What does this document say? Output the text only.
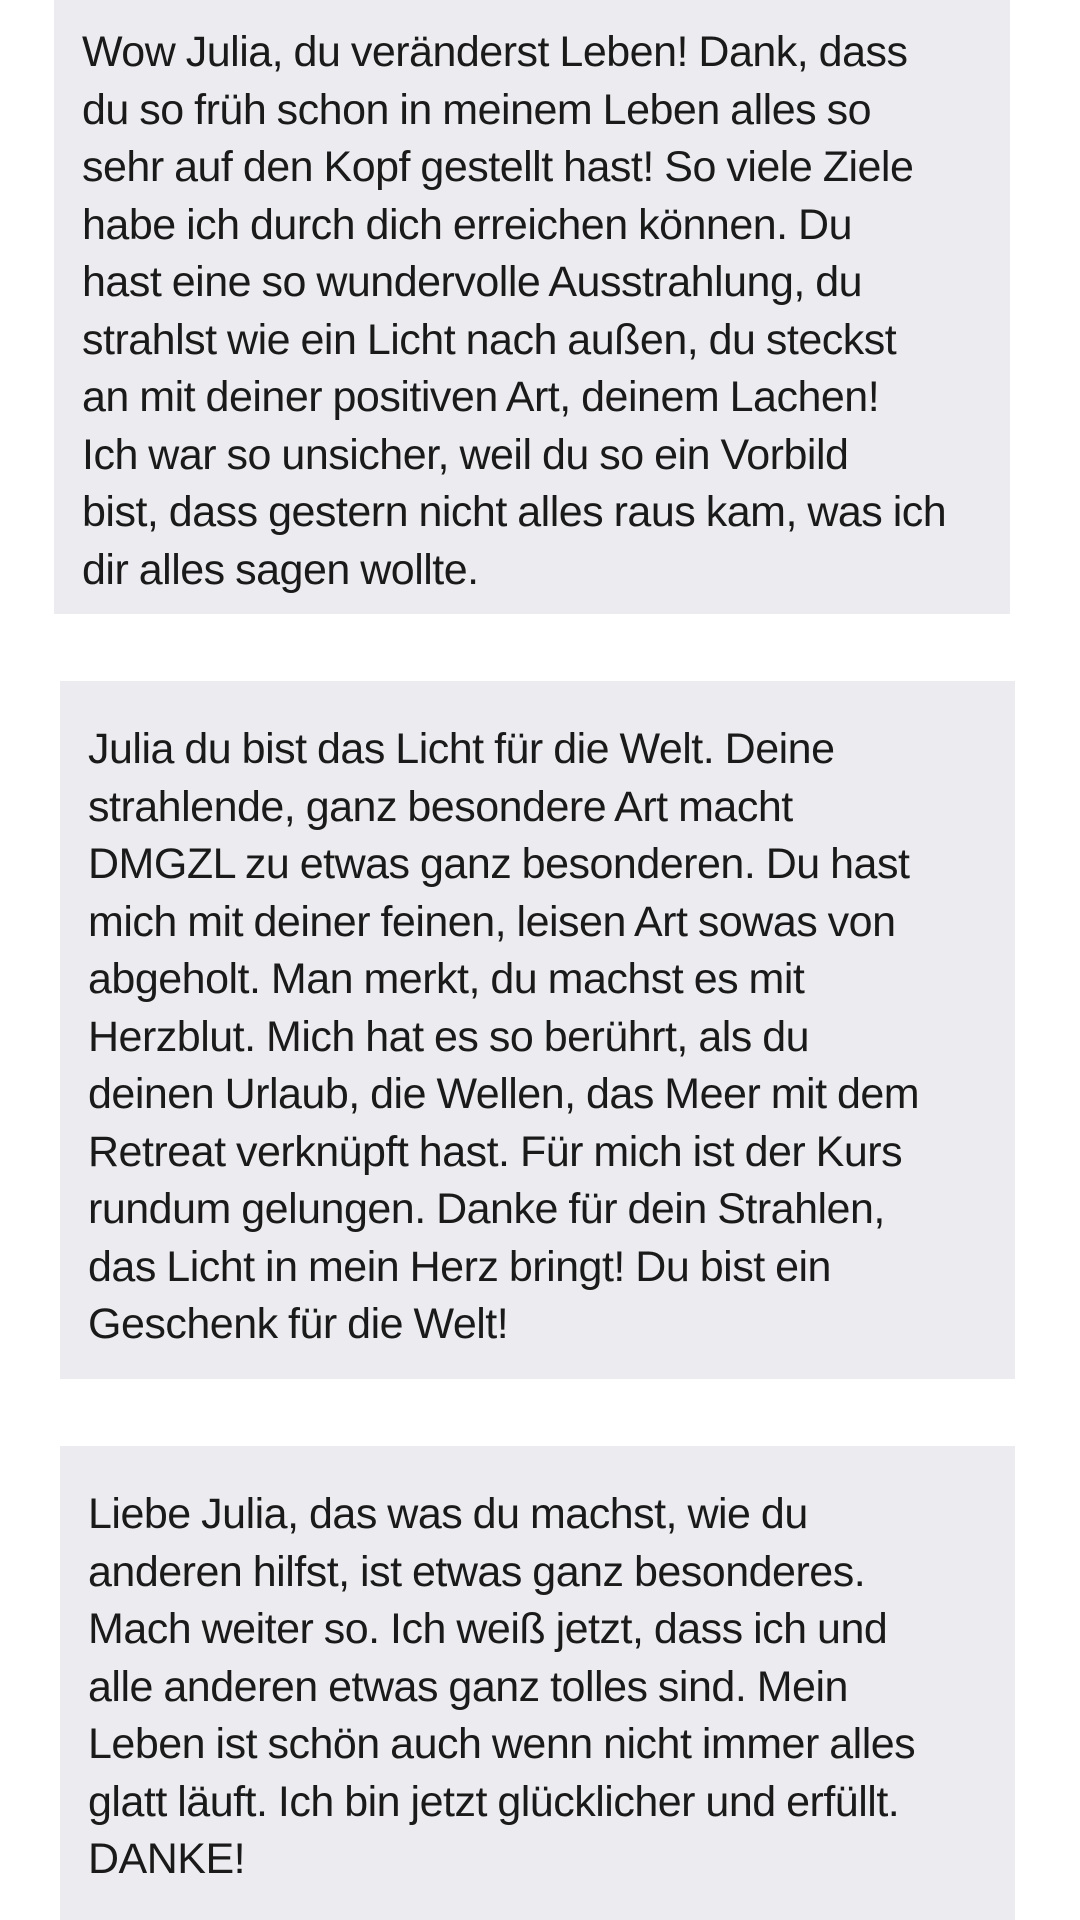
Wow Julia, du veränderst Leben! Dank, dass
du so früh schon in meinem Leben alles so
sehr auf den Kopf gestellt hast! So viele Ziele
habe ich durch dich erreichen können. Du
hast eine so wundervolle Ausstrahlung, du
strahlst wie ein Licht nach außen, du steckst
an mit deiner positiven Art, deinem Lachen!
Ich war so unsicher, weil du so ein Vorbild
bist, dass gestern nicht alles raus kam, was ich
dir alles sagen wollte.

Julia du bist das Licht für die Welt. Deine
strahlende, ganz besondere Art macht
DMGZL zu etwas ganz besonderen. Du hast
mich mit deiner feinen, leisen Art sowas von
abgeholt. Man merkt, du machst es mit
Herzblut. Mich hat es so berührt, als du
deinen Urlaub, die Wellen, das Meer mit dem
Retreat verknüpft hast. Für mich ist der Kurs
rundum gelungen. Danke für dein Strahlen,
das Licht in mein Herz bringt! Du bist ein
Geschenk für die Welt!

Liebe Julia, das was du machst, wie du
anderen hilfst, ist etwas ganz besonderes.
Mach weiter so. Ich weiß jetzt, dass ich und
alle anderen etwas ganz tolles sind. Mein
Leben ist schön auch wenn nicht immer alles
glatt läuft. Ich bin jetzt glücklicher und erfüllt.
DANKE!
